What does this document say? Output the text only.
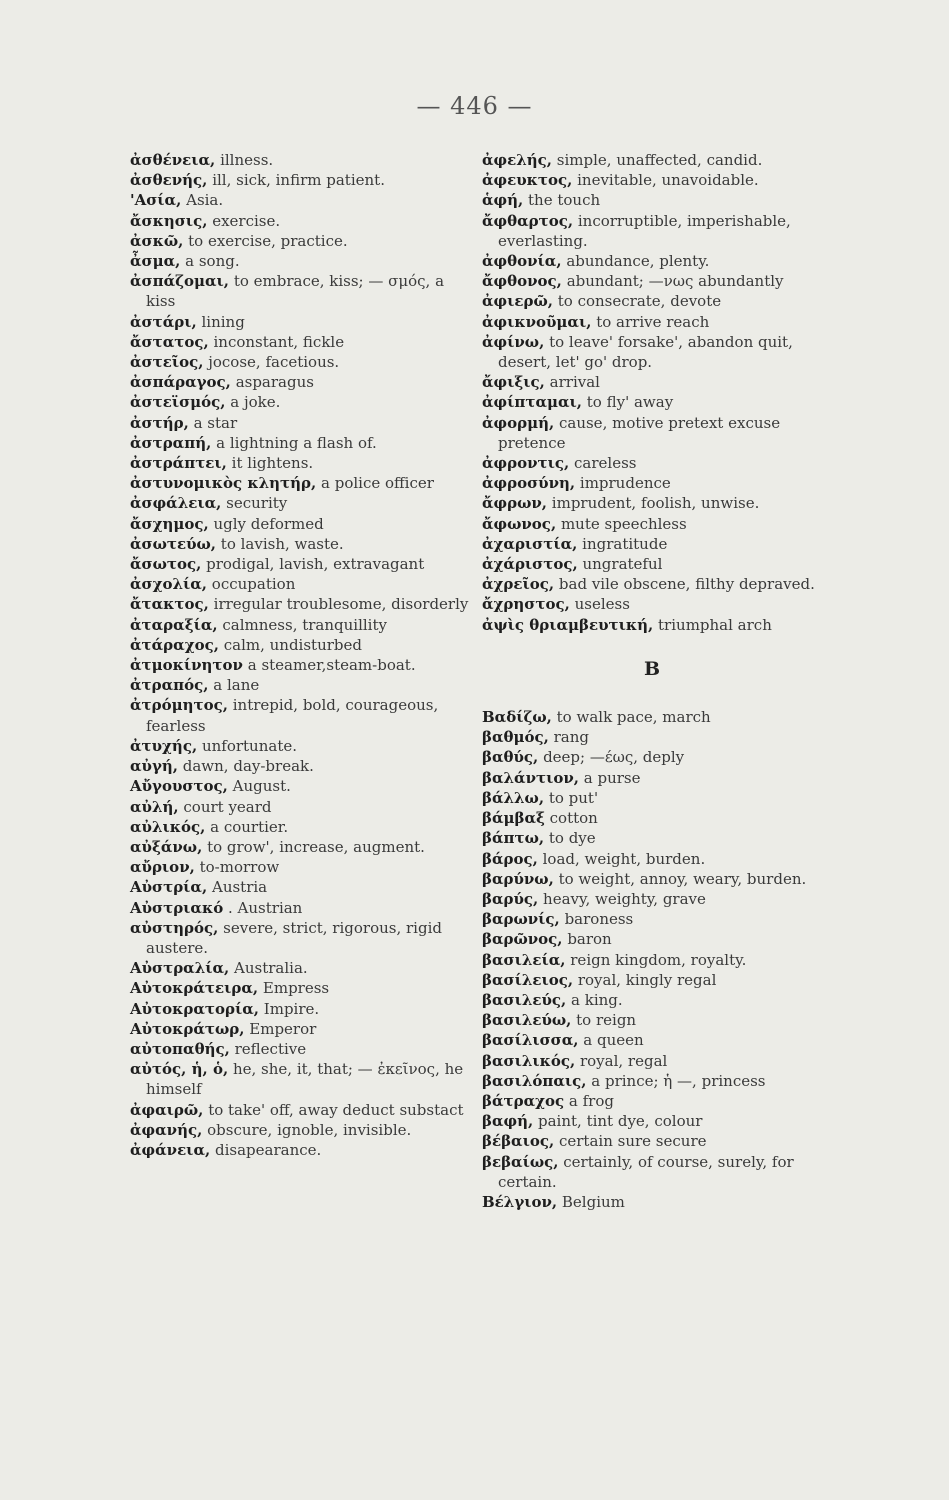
— 446 —

ἀσθένεια, illness.

ἀσθενής, ill, sick, infirm patient.

'Ασία, Asia.

ἄσκησις, exercise.

ἀσκῶ, to exercise, practice.

ἆσμα, a song.

ἀσπάζομαι, to embrace, kiss; — σμός, a kiss

ἀστάρι, lining

ἄστατος, inconstant, fickle

ἀστεῖος, jocose, facetious.

ἀσπάραγος, asparagus

ἀστεϊσμός, a joke.

ἀστήρ, a star

ἀστραπή, a lightning a flash of.

ἀστράπτει, it lightens.

ἀστυνομικὸς κλητήρ, a police officer

ἀσφάλεια, security

ἄσχημος, ugly deformed

ἀσωτεύω, to lavish, waste.

ἄσωτος, prodigal, lavish, extravagant

ἀσχολία, occupation

ἄτακτος, irregular troublesome, disorderly

ἀταραξία, calmness, tranquillity

ἀτάραχος, calm, undisturbed

ἀτμοκίνητον a steamer,steam-boat.

ἀτραπός, a lane

ἀτρόμητος, intrepid, bold, courageous, fearless

ἀτυχής, unfortunate.

αὐγή, dawn, day-break.

Αὔγουστος, August.

αὐλή, court yeard

αὐλικός, a courtier.

αὐξάνω, to grow', increase, augment.

αὔριον, to-morrow

Αὐστρία, Austria

Αὐστριακό . Austrian

αὐστηρός, severe, strict, rigorous, rigid austere.

Αὐστραλία, Australia.

Αὐτοκράτειρα, Empress

Αὐτοκρατορία, Impire.

Αὐτοκράτωρ, Emperor

αὐτοπαθής, reflective

αὐτός, ἡ, ὁ, he, she, it, that; — ἐκεῖνος, he himself

ἀφαιρῶ, to take' off, away deduct substact

ἀφανής, obscure, ignoble, invisible.

ἀφάνεια, disapearance.

ἀφελής, simple, unaffected, candid.

ἀφευκτος, inevitable, unavoidable.

ἁφή, the touch

ἄφθαρτος, incorruptible, imperishable, everlasting.

ἀφθονία, abundance, plenty.

ἄφθονος, abundant; —νως abundantly

ἀφιερῶ, to consecrate, devote

ἀφικνοῦμαι, to arrive reach

ἀφίνω, to leave' forsake', abandon quit, desert, let' go' drop.

ἄφιξις, arrival

ἀφίπταμαι, to fly' away

ἀφορμή, cause, motive pretext excuse pretence

ἀφροντις, careless

ἀφροσύνη, imprudence

ἄφρων, imprudent, foolish, unwise.

ἄφωνος, mute speechless

ἀχαριστία, ingratitude

ἀχάριστος, ungrateful

ἀχρεῖος, bad vile obscene, filthy depraved.

ἄχρηστος, useless

ἀψὶς θριαμβευτική, triumphal arch

B

Βαδίζω, to walk pace, march

βαθμός, rang

βαθύς, deep; —έως, deply

βαλάντιον, a purse

βάλλω, to put'

βάμβαξ cotton

βάπτω, to dye

βάρος, load, weight, burden.

βαρύνω, to weight, annoy, weary, burden.

βαρύς, heavy, weighty, grave

βαρωνίς, baroness

βαρῶνος, baron

βασιλεία, reign kingdom, royalty.

βασίλειος, royal, kingly regal

βασιλεύς, a king.

βασιλεύω, to reign

βασίλισσα, a queen

βασιλικός, royal, regal

βασιλόπαις, a prince; ἡ —, princess

βάτραχος a frog

βαφή, paint, tint dye, colour

βέβαιος, certain sure secure

βεβαίως, certainly, of course, surely, for certain.

Βέλγιον, Belgium
